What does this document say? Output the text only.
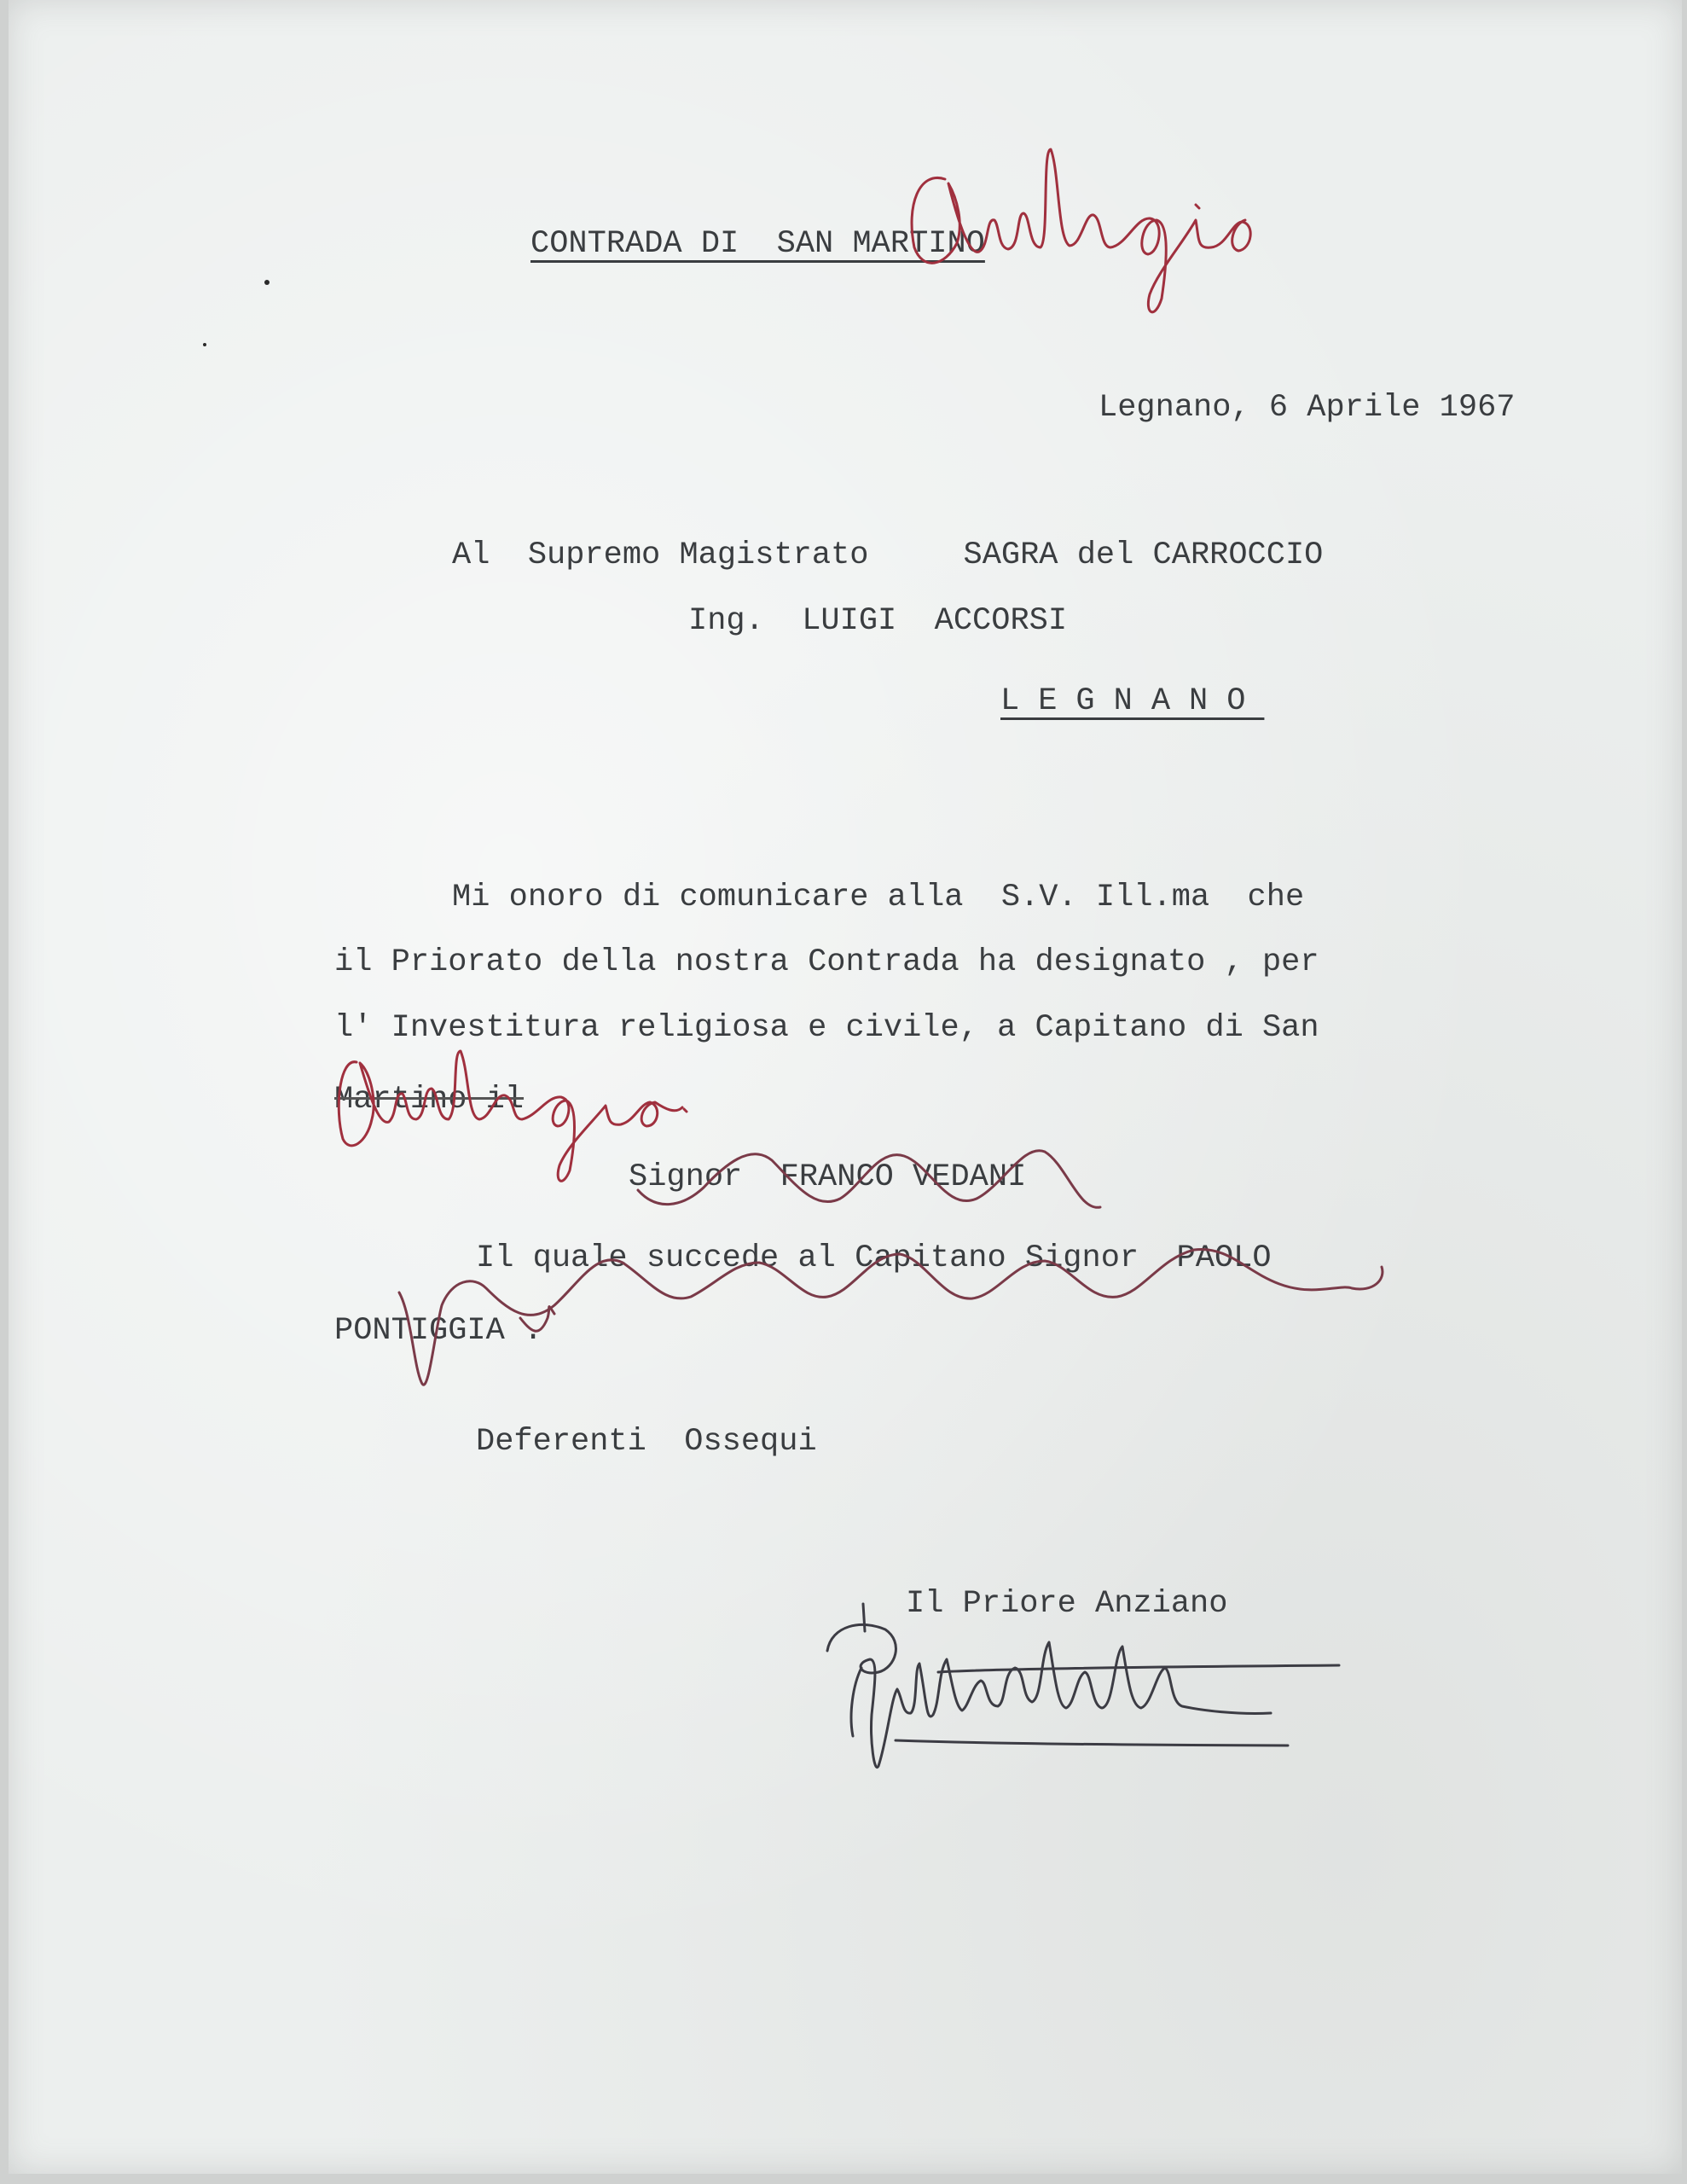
CONTRADA DI  SAN MARTINO

Legnano, 6 Aprile 1967

Al  Supremo Magistrato     SAGRA del CARROCCIO

Ing.  LUIGI  ACCORSI

LEGNANO

Mi onoro di comunicare alla  S.V. Ill.ma  che

il Priorato della nostra Contrada ha designato , per

l' Investitura religiosa e civile, a Capitano di San

Martino il

Signor  FRANCO VEDANI

Il quale succede al Capitano Signor  PAOLO

PONTIGGIA .

Deferenti  Ossequi

Il Priore Anziano
